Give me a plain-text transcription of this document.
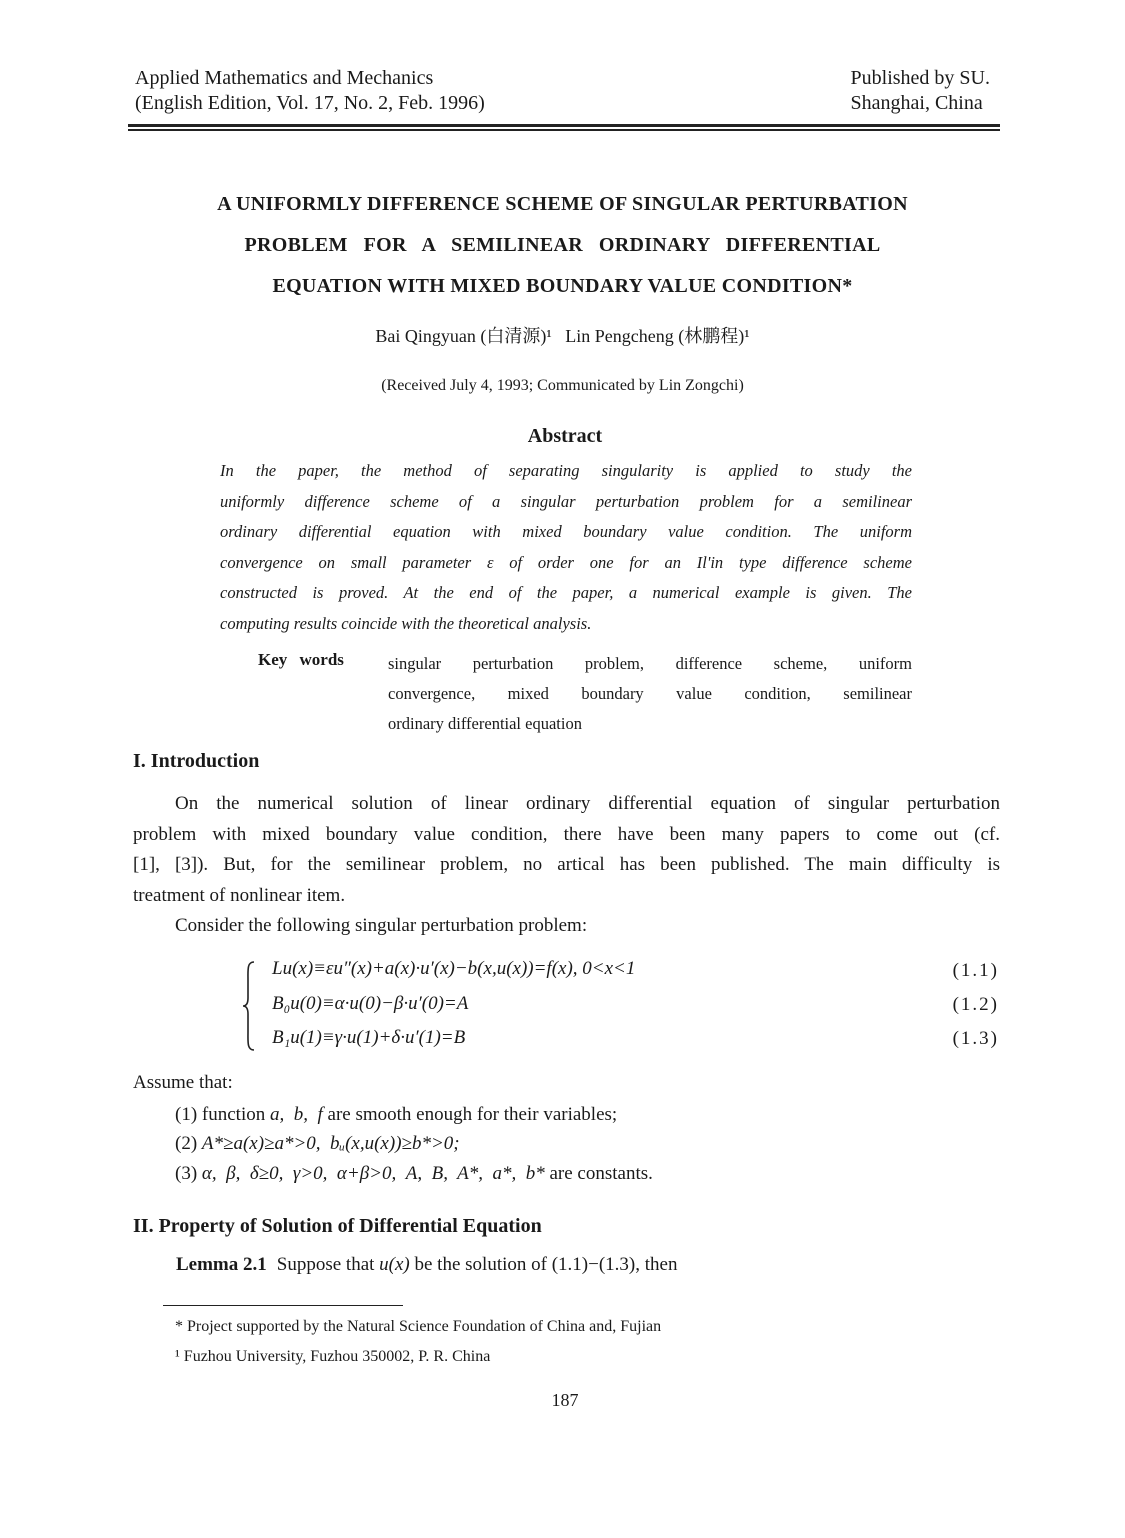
Applied Mathematics and Mechanics
(English Edition, Vol. 17, No. 2, Feb. 1996)
Published by SU.
Shanghai, China
A UNIFORMLY DIFFERENCE SCHEME OF SINGULAR PERTURBATION
PROBLEM   FOR   A   SEMILINEAR   ORDINARY   DIFFERENTIAL
EQUATION WITH MIXED BOUNDARY VALUE CONDITION*
Bai Qingyuan (白清源)¹   Lin Pengcheng (林鹏程)¹
(Received July 4, 1993; Communicated by Lin Zongchi)
Abstract
In the paper, the method of separating singularity is applied to study the
uniformly difference scheme of a singular perturbation problem for a semilinear
ordinary differential equation with mixed boundary value condition. The uniform
convergence on small parameter ε of order one for an Il'in type difference scheme
constructed is proved. At the end of the paper, a numerical example is given. The
computing results coincide with the theoretical analysis.
Key words	singular perturbation problem, difference scheme, uniform
convergence, mixed boundary value condition, semilinear
ordinary differential equation
I. Introduction
On the numerical solution of linear ordinary differential equation of singular perturbation
problem with mixed boundary value condition, there have been many papers to come out (cf.
[1], [3]). But, for the semilinear problem, no artical has been published. The main difficulty is
treatment of nonlinear item.
Consider the following singular perturbation problem:
Lu(x)≡εu″(x)+a(x)·u′(x)−b(x,u(x))=f(x), 0<x<1	(1.1)
B₀u(0)≡α·u(0)−β·u′(0)=A	(1.2)
B₁u(1)≡γ·u(1)+δ·u′(1)=B	(1.3)
Assume that:
(1) function a,  b,  f are smooth enough for their variables;
(2) A*≥a(x)≥a*>0,  bᵤ(x,u(x))≥b*>0;
(3) α,  β,  δ≥0,  γ>0,  α+β>0,  A,  B,  A*,  a*,  b* are constants.
II. Property of Solution of Differential Equation
Lemma 2.1 Suppose that u(x) be the solution of (1.1)−(1.3), then
* Project supported by the Natural Science Foundation of China and, Fujian
¹ Fuzhou University, Fuzhou 350002, P. R. China
187
